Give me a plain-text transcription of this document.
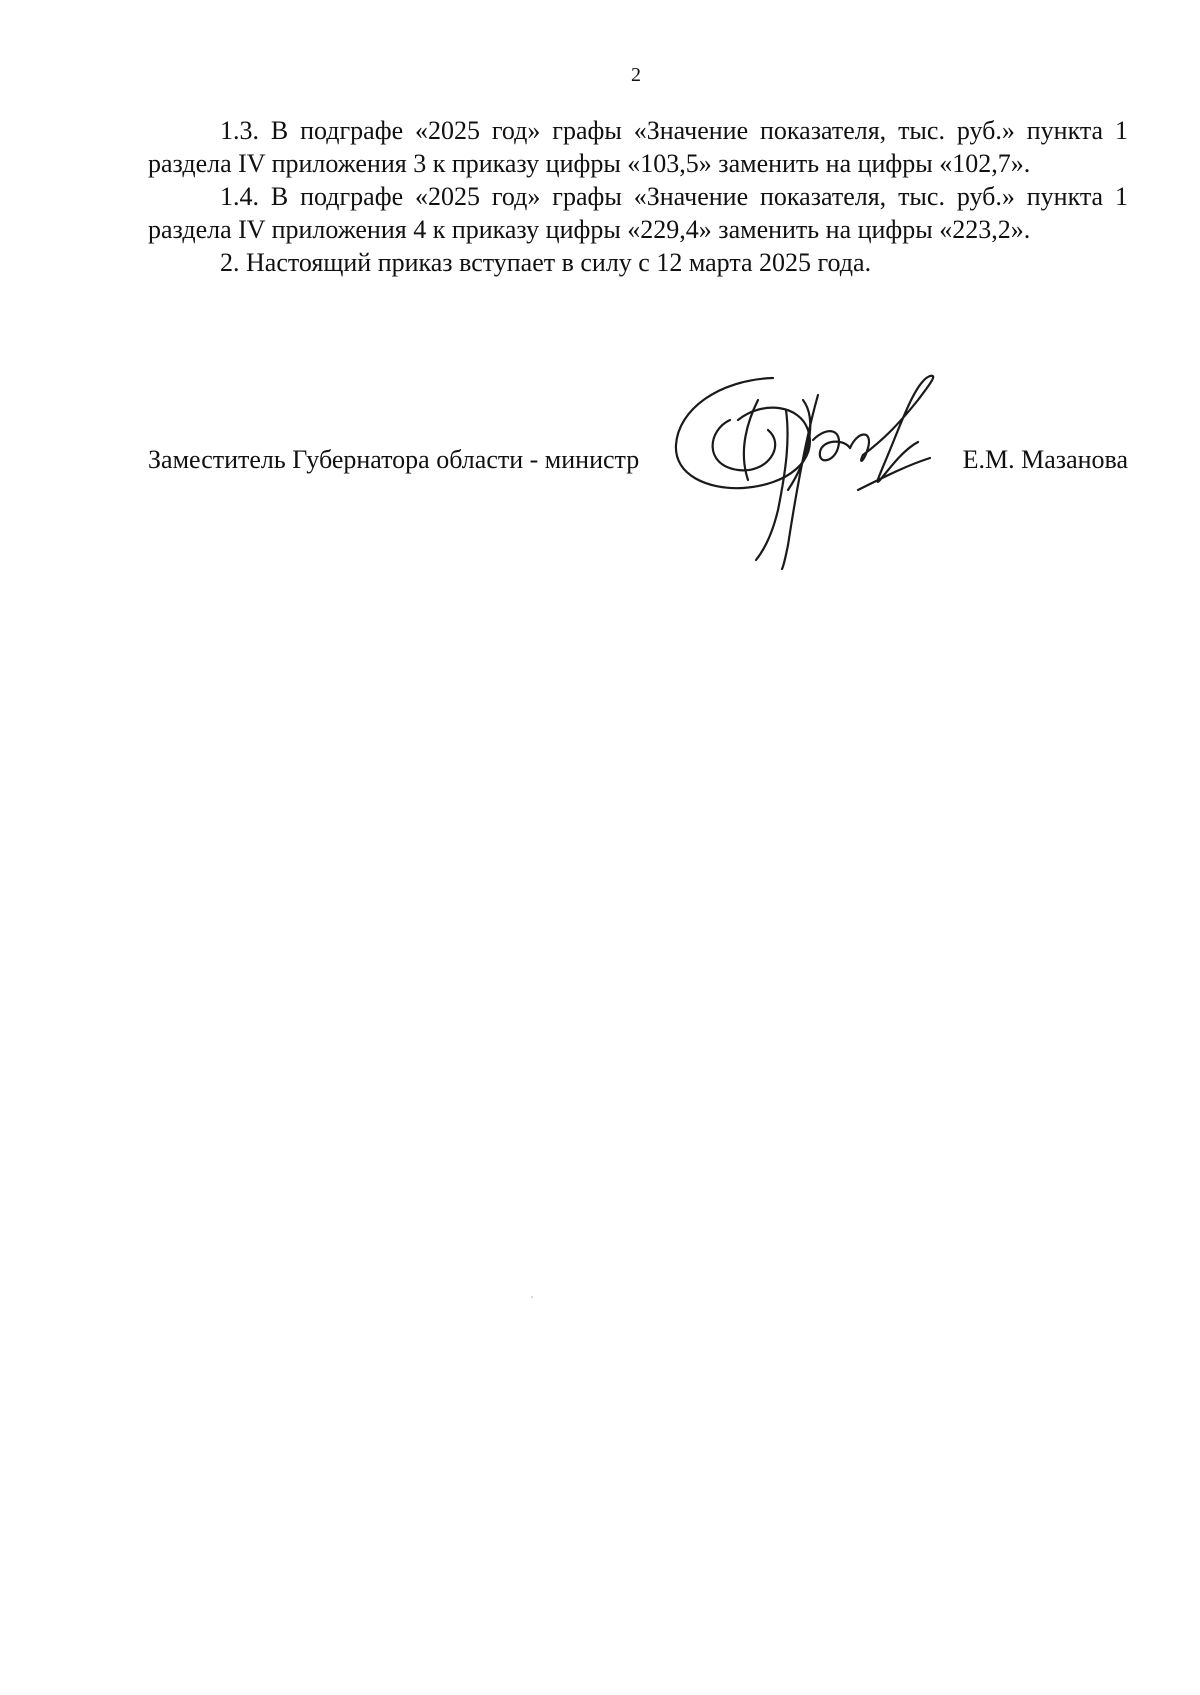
2

1.3. В подграфе «2025 год» графы «Значение показателя, тыс. руб.» пункта 1 раздела IV приложения 3 к приказу цифры «103,5» заменить на цифры «102,7».

1.4. В подграфе «2025 год» графы «Значение показателя, тыс. руб.» пункта 1 раздела IV приложения 4 к приказу цифры «229,4» заменить на цифры «223,2».

2. Настоящий приказ вступает в силу с 12 марта 2025 года.

Заместитель Губернатора области - министр	Е.М. Мазанова
